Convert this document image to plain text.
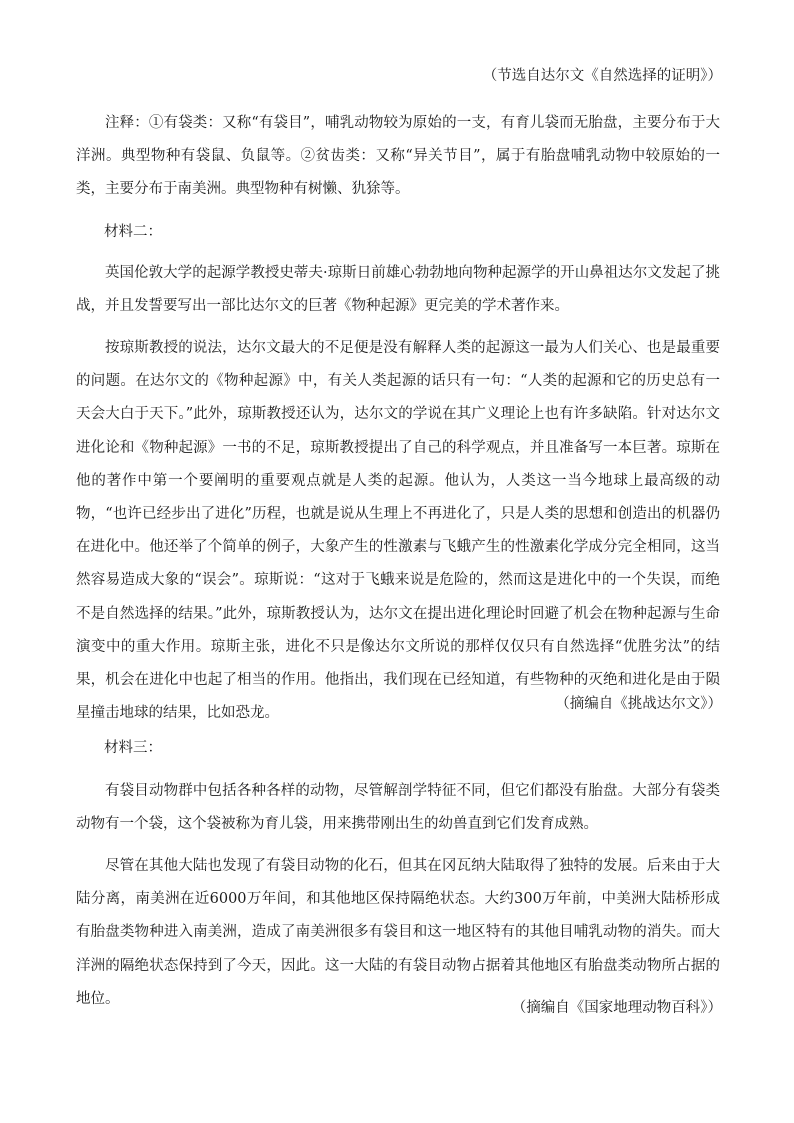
（节选自达尔文《自然选择的证明》）

注释：①有袋类：又称“有袋目”，哺乳动物较为原始的一支，有育儿袋而无胎盘，主要分布于大洋洲。典型物种有袋鼠、负鼠等。②贫齿类：又称“异关节目”，属于有胎盘哺乳动物中较原始的一类，主要分布于南美洲。典型物种有树懒、犰狳等。

材料二：

英国伦敦大学的起源学教授史蒂夫·琼斯日前雄心勃勃地向物种起源学的开山鼻祖达尔文发起了挑战，并且发誓要写出一部比达尔文的巨著《物种起源》更完美的学术著作来。

按琼斯教授的说法，达尔文最大的不足便是没有解释人类的起源这一最为人们关心、也是最重要的问题。在达尔文的《物种起源》中，有关人类起源的话只有一句：“人类的起源和它的历史总有一天会大白于天下。”此外，琼斯教授还认为，达尔文的学说在其广义理论上也有许多缺陷。针对达尔文进化论和《物种起源》一书的不足，琼斯教授提出了自己的科学观点，并且准备写一本巨著。琼斯在他的著作中第一个要阐明的重要观点就是人类的起源。他认为，人类这一当今地球上最高级的动物，“也许已经步出了进化”历程，也就是说从生理上不再进化了，只是人类的思想和创造出的机器仍在进化中。他还举了个简单的例子，大象产生的性激素与飞蛾产生的性激素化学成分完全相同，这当然容易造成大象的“误会”。琼斯说：“这对于飞蛾来说是危险的，然而这是进化中的一个失误，而绝不是自然选择的结果。”此外，琼斯教授认为，达尔文在提出进化理论时回避了机会在物种起源与生命演变中的重大作用。琼斯主张，进化不只是像达尔文所说的那样仅仅只有自然选择“优胜劣汰”的结果，机会在进化中也起了相当的作用。他指出，我们现在已经知道，有些物种的灭绝和进化是由于陨星撞击地球的结果，比如恐龙。

（摘编自《挑战达尔文》）
材料三：

有袋目动物群中包括各种各样的动物，尽管解剖学特征不同，但它们都没有胎盘。大部分有袋类动物有一个袋，这个袋被称为育儿袋，用来携带刚出生的幼兽直到它们发育成熟。

尽管在其他大陆也发现了有袋目动物的化石，但其在冈瓦纳大陆取得了独特的发展。后来由于大陆分离，南美洲在近6000万年间，和其他地区保持隔绝状态。大约300万年前，中美洲大陆桥形成有胎盘类物种进入南美洲，造成了南美洲很多有袋目和这一地区特有的其他目哺乳动物的消失。而大洋洲的隔绝状态保持到了今天，因此。这一大陆的有袋目动物占据着其他地区有胎盘类动物所占据的地位。

（摘编自《国家地理动物百科》）
